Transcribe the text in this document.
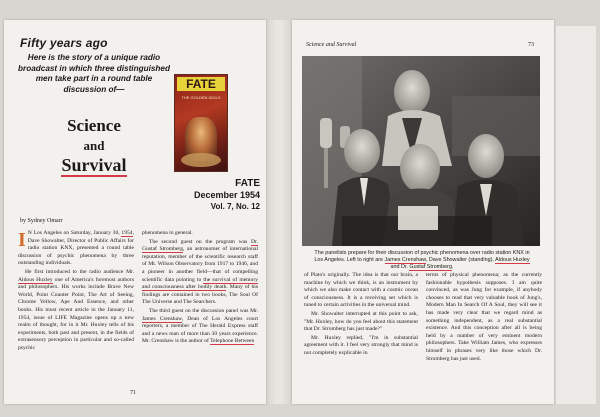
Fifty years ago
Here is the story of a unique radio broadcast in which three distinguished men take part in a round table discussion of—
Science
and
Survival
FATE
THE GOLDEN IDOLS
FATE
December 1954
Vol. 7, No. 12
by Sydney Omarr

I N Los Angeles on Saturday, January 30, 1954, Dave Showalter, Director of Public Affairs for radio station KNX, presented a round table discussion of psychic phenomena by three outstanding individuals.

He first introduced to the radio audience Mr. Aldous Huxley one of America's foremost authors and philosophers. His works include Brave New World, Point Counter Point, The Art of Seeing, Chrome Yellow, Ape And Essence, and other books. His most recent article in the January 11, 1954, issue of LIFE Magazine opens up a new realm of thought, for in it Mr. Huxley tells of his experiments, both past and present, in the fields of extrasensory perception in particular and so-called psychic

phenomena in general.

The second guest on the program was Dr. Gustaf Stromberg, an astronomer of international reputation, member of the scientific research staff of Mt. Wilson Observatory from 1917 to 1946, and a pioneer in another field—that of compelling scientific data pointing to the survival of memory and consciousness after bodily death. Many of his findings are contained in two books, The Soul Of The Universe and The Searchers.

The third guest on the discussion panel was Mr. James Crenshaw, Dean of Los Angeles court reporters, a member of The Herald Express staff and a news man of more than 30 years experience. Mr. Crenshaw is the author of Telephone Between

71
Science and Survival	73
The panelists prepare for their discussion of psychic phenomena over radio station KNX in Los Angeles. Left to right are James Crenshaw, Dave Showalter (standing), Aldous Huxley and Dr. Gustaf Stromberg.

of Plato's originally. The idea is that our brain, a machine by which we think, is an instrument by which we also make contact with a cosmic ocean of consciousness. It is a receiving set which is tuned to certain activities in the universal mind.

Mr. Showalter interrupted at this point to ask, "Mr. Huxley, how do you feel about this statement that Dr. Stromberg has just made?"

Mr. Huxley replied, "I'm in substantial agreement with it. I feel very strongly that mind is not completely explicable in

terms of physical phenomena; as the currently fashionable hypothesis supposes. I am quite convinced, as was Jung for example, if anybody chooses to read that very valuable book of Jung's, Modern Man In Search Of A Soul, they will see it has made very clear that we regard mind as something independent, as a real substantial existence. And this conception after all is being held by a number of very eminent modern philosophers. Take William James, who expresses himself in phrases very like those which Dr. Stromberg has just used.
